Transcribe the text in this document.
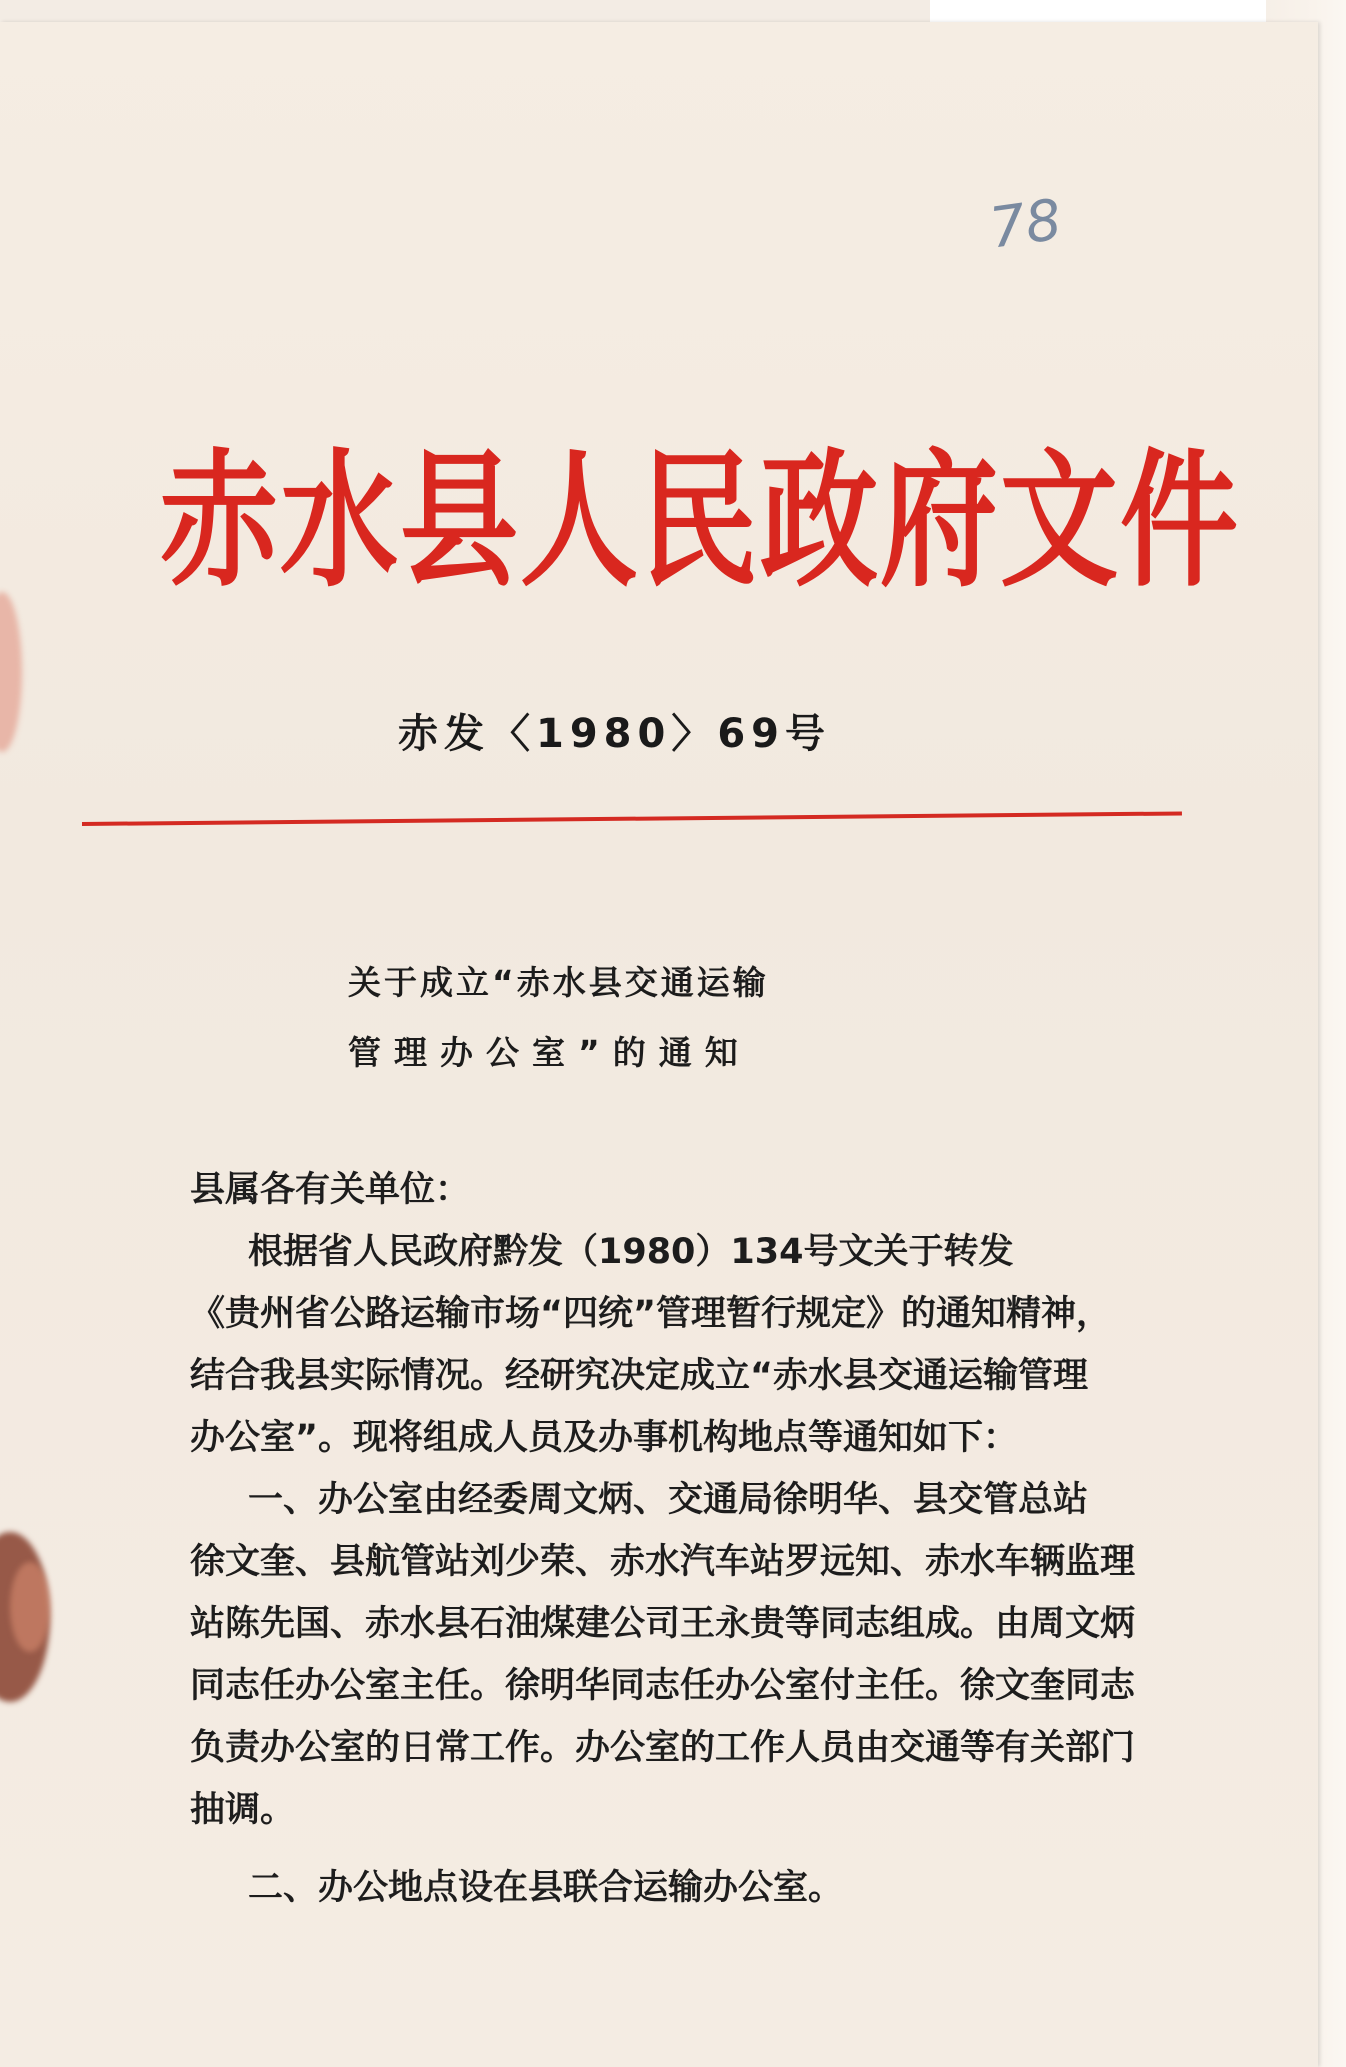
78

赤水县人民政府文件

赤发〈1980〉69号

关于成立“赤水县交通运输

管理办公室”的通知

县属各有关单位：

根据省人民政府黔发（1980）134号文关于转发

《贵州省公路运输市场“四统”管理暂行规定》的通知精神，

结合我县实际情况。经研究决定成立“赤水县交通运输管理

办公室”。现将组成人员及办事机构地点等通知如下：

一、办公室由经委周文炳、交通局徐明华、县交管总站

徐文奎、县航管站刘少荣、赤水汽车站罗远知、赤水车辆监理

站陈先国、赤水县石油煤建公司王永贵等同志组成。由周文炳

同志任办公室主任。徐明华同志任办公室付主任。徐文奎同志

负责办公室的日常工作。办公室的工作人员由交通等有关部门

抽调。

二、办公地点设在县联合运输办公室。
